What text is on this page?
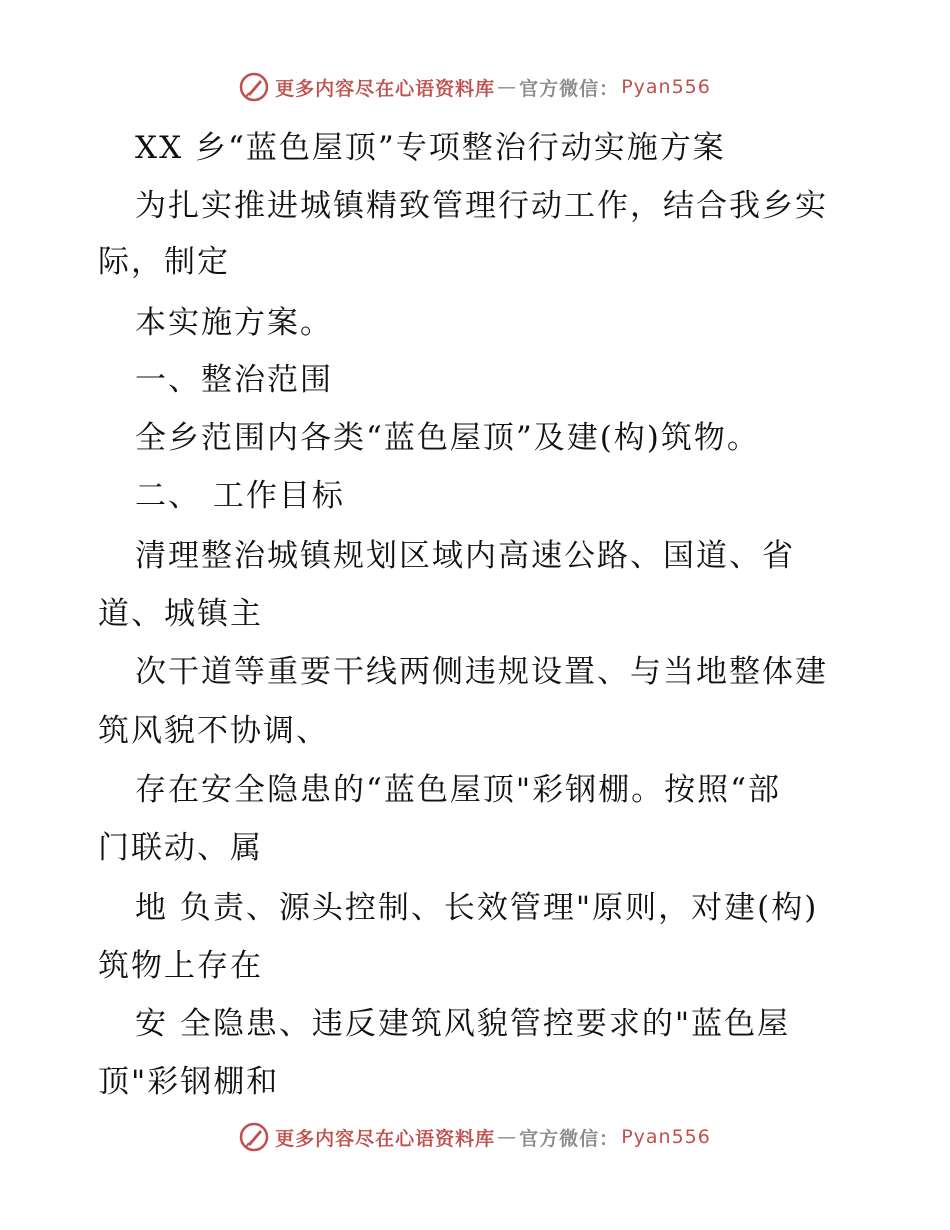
更多内容尽在心语资料库 — 官方微信： Pyan556
XX 乡“蓝色屋顶”专项整治行动实施方案
为扎实推进城镇精致管理行动工作，结合我乡实
际，制定
本实施方案。
一、整治范围
全乡范围内各类“蓝色屋顶”及建(构)筑物。
二、 工作目标
清理整治城镇规划区域内高速公路、国道、省
道、城镇主
次干道等重要干线两侧违规设置、与当地整体建
筑风貌不协调、
存在安全隐患的“蓝色屋顶"彩钢棚。按照“部
门联动、属
地 负责、源头控制、长效管理"原则，对建(构)
筑物上存在
安 全隐患、违反建筑风貌管控要求的"蓝色屋
顶"彩钢棚和
更多内容尽在心语资料库 — 官方微信： Pyan556
